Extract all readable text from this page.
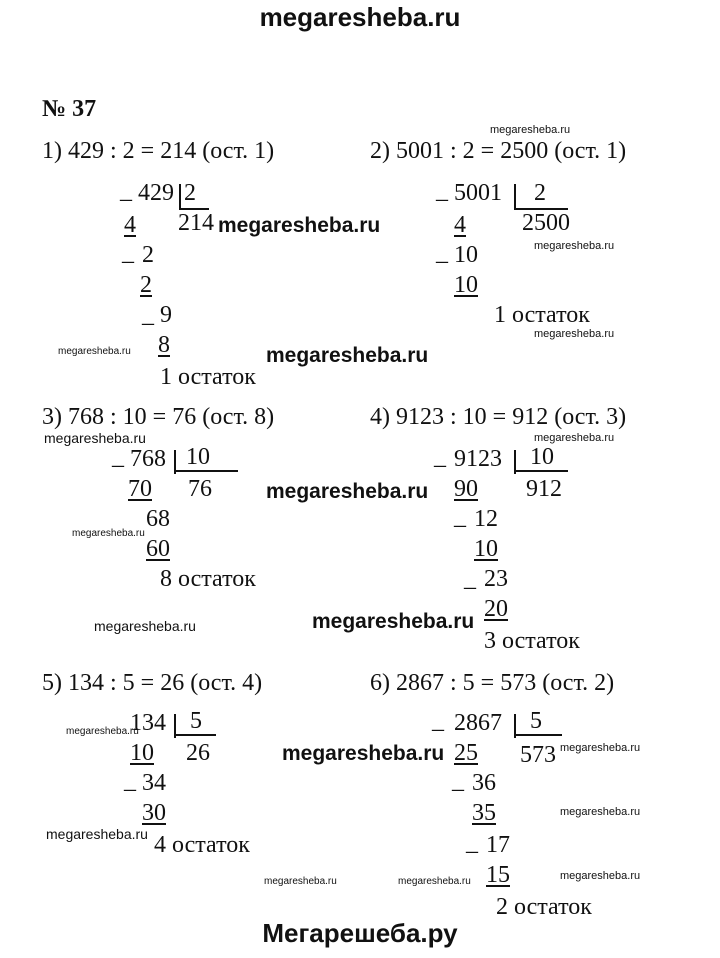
megaresheba.ru
Мегарешеба.ру
№ 37
megaresheba.ru
megaresheba.ru
megaresheba.ru
megaresheba.ru
megaresheba.ru	megaresheba.ru
megaresheba.ru	megaresheba.ru
megaresheba.ru
megaresheba.ru
megaresheba.ru	megaresheba.ru
megaresheba.ru
megaresheba.ru	megaresheba.ru
megaresheba.ru
megaresheba.ru
megaresheba.ru	megaresheba.ru	megaresheba.ru
1) 429 : 2 = 214 (ост. 1)
_ 429 2
214
4
_ 2
2
_ 9
8
1 остаток
2) 5001 : 2 = 2500 (ост. 1)
_ 5001 2
2500
4
_ 10
10
1 остаток
3) 768 : 10 = 76 (ост. 8)
_ 768 10
76
70
68
60
8 остаток
4) 9123 : 10 = 912 (ост. 3)
_ 9123 10
912
90
_ 12
10
_ 23
20
3 остаток
5) 134 : 5 = 26 (ост. 4)
134 5
26
10
_ 34
30
4 остаток
6) 2867 : 5 = 573 (ост. 2)
_ 2867 5
573
25
_ 36
35
_ 17
15
2 остаток
